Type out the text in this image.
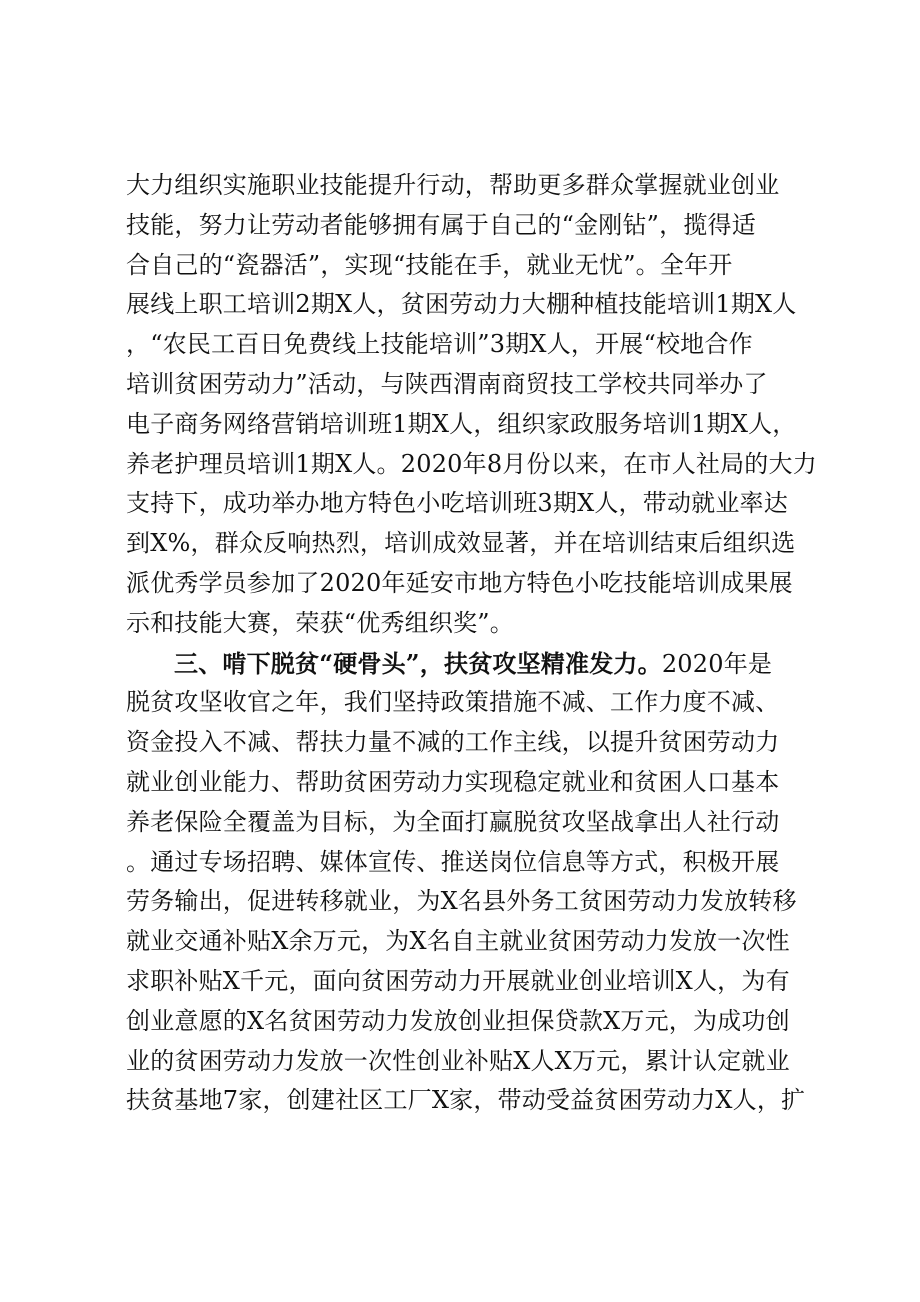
大力组织实施职业技能提升行动，帮助更多群众掌握就业创业
技能，努力让劳动者能够拥有属于自己的“金刚钻”，揽得适
合自己的“瓷器活”，实现“技能在手，就业无忧”。全年开
展线上职工培训2期X人，贫困劳动力大棚种植技能培训1期X人
，“农民工百日免费线上技能培训”3期X人，开展“校地合作
培训贫困劳动力”活动，与陕西渭南商贸技工学校共同举办了
电子商务网络营销培训班1期X人，组织家政服务培训1期X人，
养老护理员培训1期X人。2020年8月份以来，在市人社局的大力
支持下，成功举办地方特色小吃培训班3期X人，带动就业率达
到X%，群众反响热烈，培训成效显著，并在培训结束后组织选
派优秀学员参加了2020年延安市地方特色小吃技能培训成果展
示和技能大赛，荣获“优秀组织奖”。
三、啃下脱贫“硬骨头”，扶贫攻坚精准发力。2020年是
脱贫攻坚收官之年，我们坚持政策措施不减、工作力度不减、
资金投入不减、帮扶力量不减的工作主线，以提升贫困劳动力
就业创业能力、帮助贫困劳动力实现稳定就业和贫困人口基本
养老保险全覆盖为目标，为全面打赢脱贫攻坚战拿出人社行动
。通过专场招聘、媒体宣传、推送岗位信息等方式，积极开展
劳务输出，促进转移就业，为X名县外务工贫困劳动力发放转移
就业交通补贴X余万元，为X名自主就业贫困劳动力发放一次性
求职补贴X千元，面向贫困劳动力开展就业创业培训X人，为有
创业意愿的X名贫困劳动力发放创业担保贷款X万元，为成功创
业的贫困劳动力发放一次性创业补贴X人X万元，累计认定就业
扶贫基地7家，创建社区工厂X家，带动受益贫困劳动力X人，扩
